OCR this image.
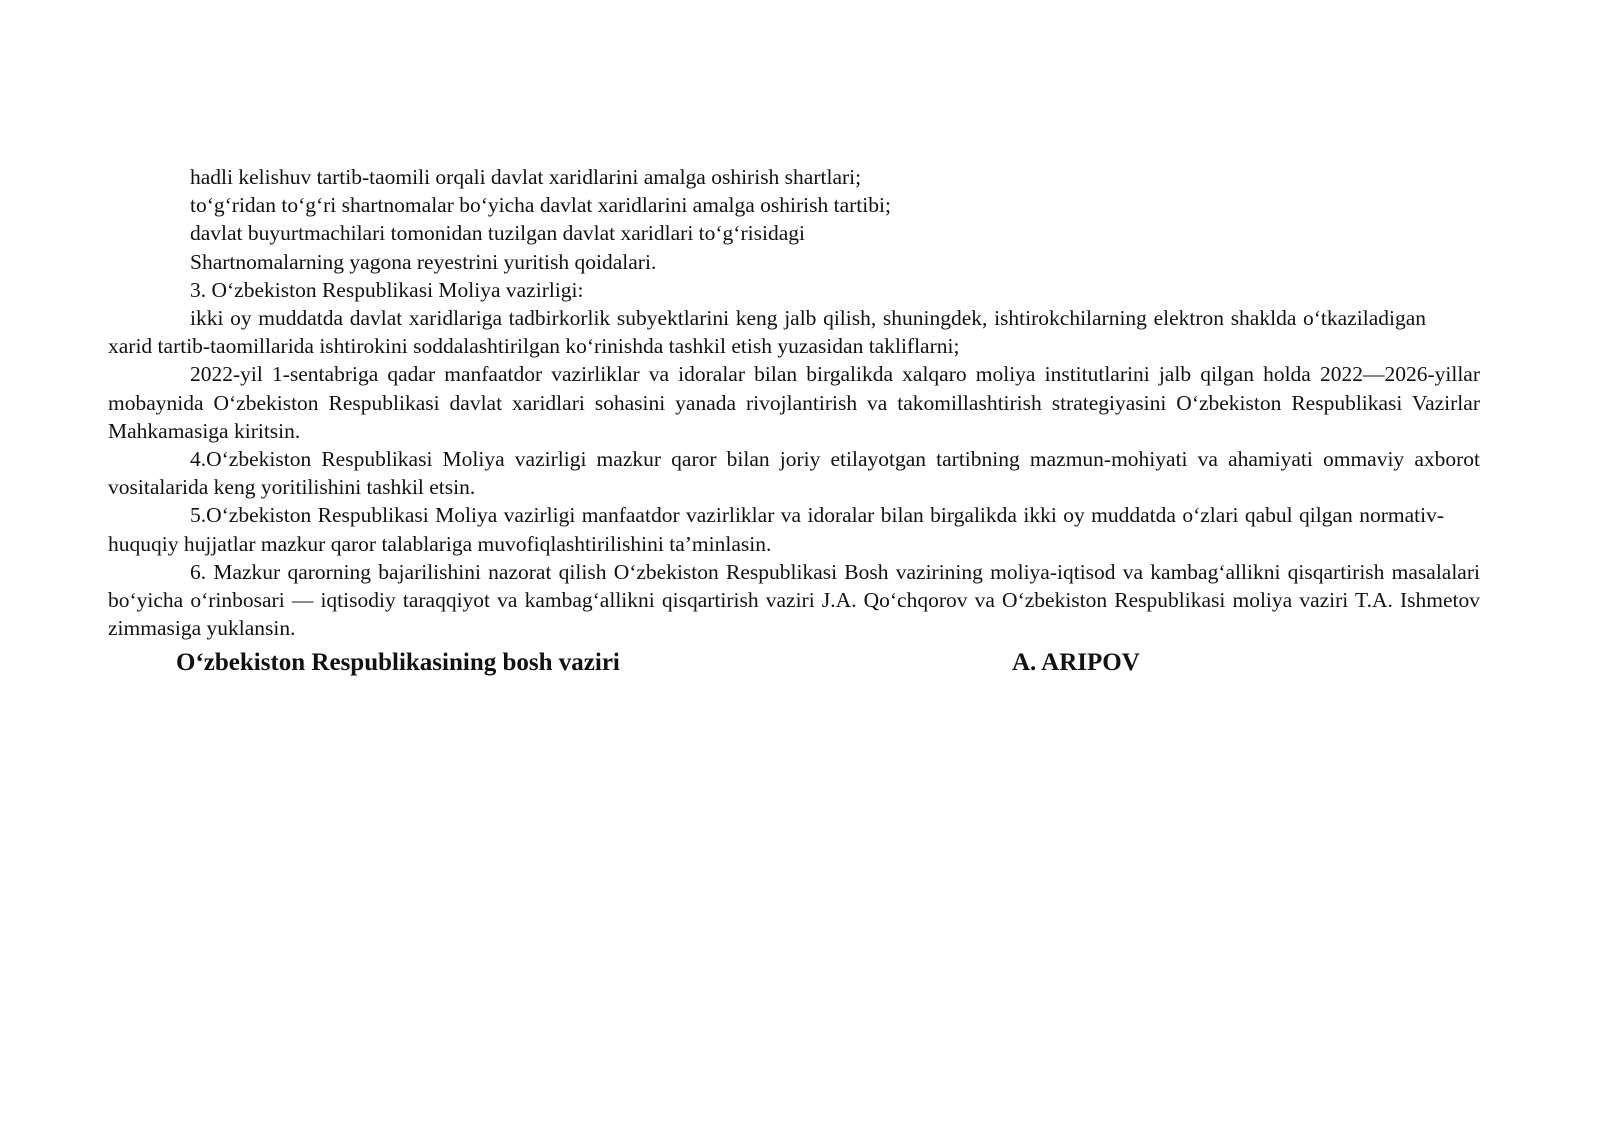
hadli kelishuv tartib-taomili orqali davlat xaridlarini amalga oshirish shartlari;
to‘g‘ridan to‘g‘ri shartnomalar bo‘yicha davlat xaridlarini amalga oshirish tartibi;
davlat buyurtmachilari tomonidan tuzilgan davlat xaridlari to‘g‘risidagi
Shartnomalarning yagona reyestrini yuritish qoidalari.
3. O‘zbekiston Respublikasi Moliya vazirligi:

ikki oy muddatda davlat xaridlariga tadbirkorlik subyektlarini keng jalb qilish, shuningdek, ishtirokchilarning elektron shaklda o‘tkaziladigan xarid tartib-taomillarida ishtirokini soddalashtirilgan ko‘rinishda tashkil etish yuzasidan takliflarni;

2022-yil 1-sentabriga qadar manfaatdor vazirliklar va idoralar bilan birgalikda xalqaro moliya institutlarini jalb qilgan holda 2022—2026-yillar mobaynida O‘zbekiston Respublikasi davlat xaridlari sohasini yanada rivojlantirish va takomillashtirish strategiyasini O‘zbekiston Respublikasi Vazirlar Mahkamasiga kiritsin.

4.O‘zbekiston Respublikasi Moliya vazirligi mazkur qaror bilan joriy etilayotgan tartibning mazmun-mohiyati va ahamiyati ommaviy axborot vositalarida keng yoritilishini tashkil etsin.

5.O‘zbekiston Respublikasi Moliya vazirligi manfaatdor vazirliklar va idoralar bilan birgalikda ikki oy muddatda o‘zlari qabul qilgan normativ-huquqiy hujjatlar mazkur qaror talablariga muvofiqlashtirilishini ta’minlasin.

6. Mazkur qarorning bajarilishini nazorat qilish O‘zbekiston Respublikasi Bosh vazirining moliya-iqtisod va kambag‘allikni qisqartirish masalalari bo‘yicha o‘rinbosari — iqtisodiy taraqqiyot va kambag‘allikni qisqartirish vaziri J.A. Qo‘chqorov va O‘zbekiston Respublikasi moliya vaziri T.A. Ishmetov zimmasiga yuklansin.

O‘zbekiston Respublikasining bosh vaziri	A. ARIPOV
